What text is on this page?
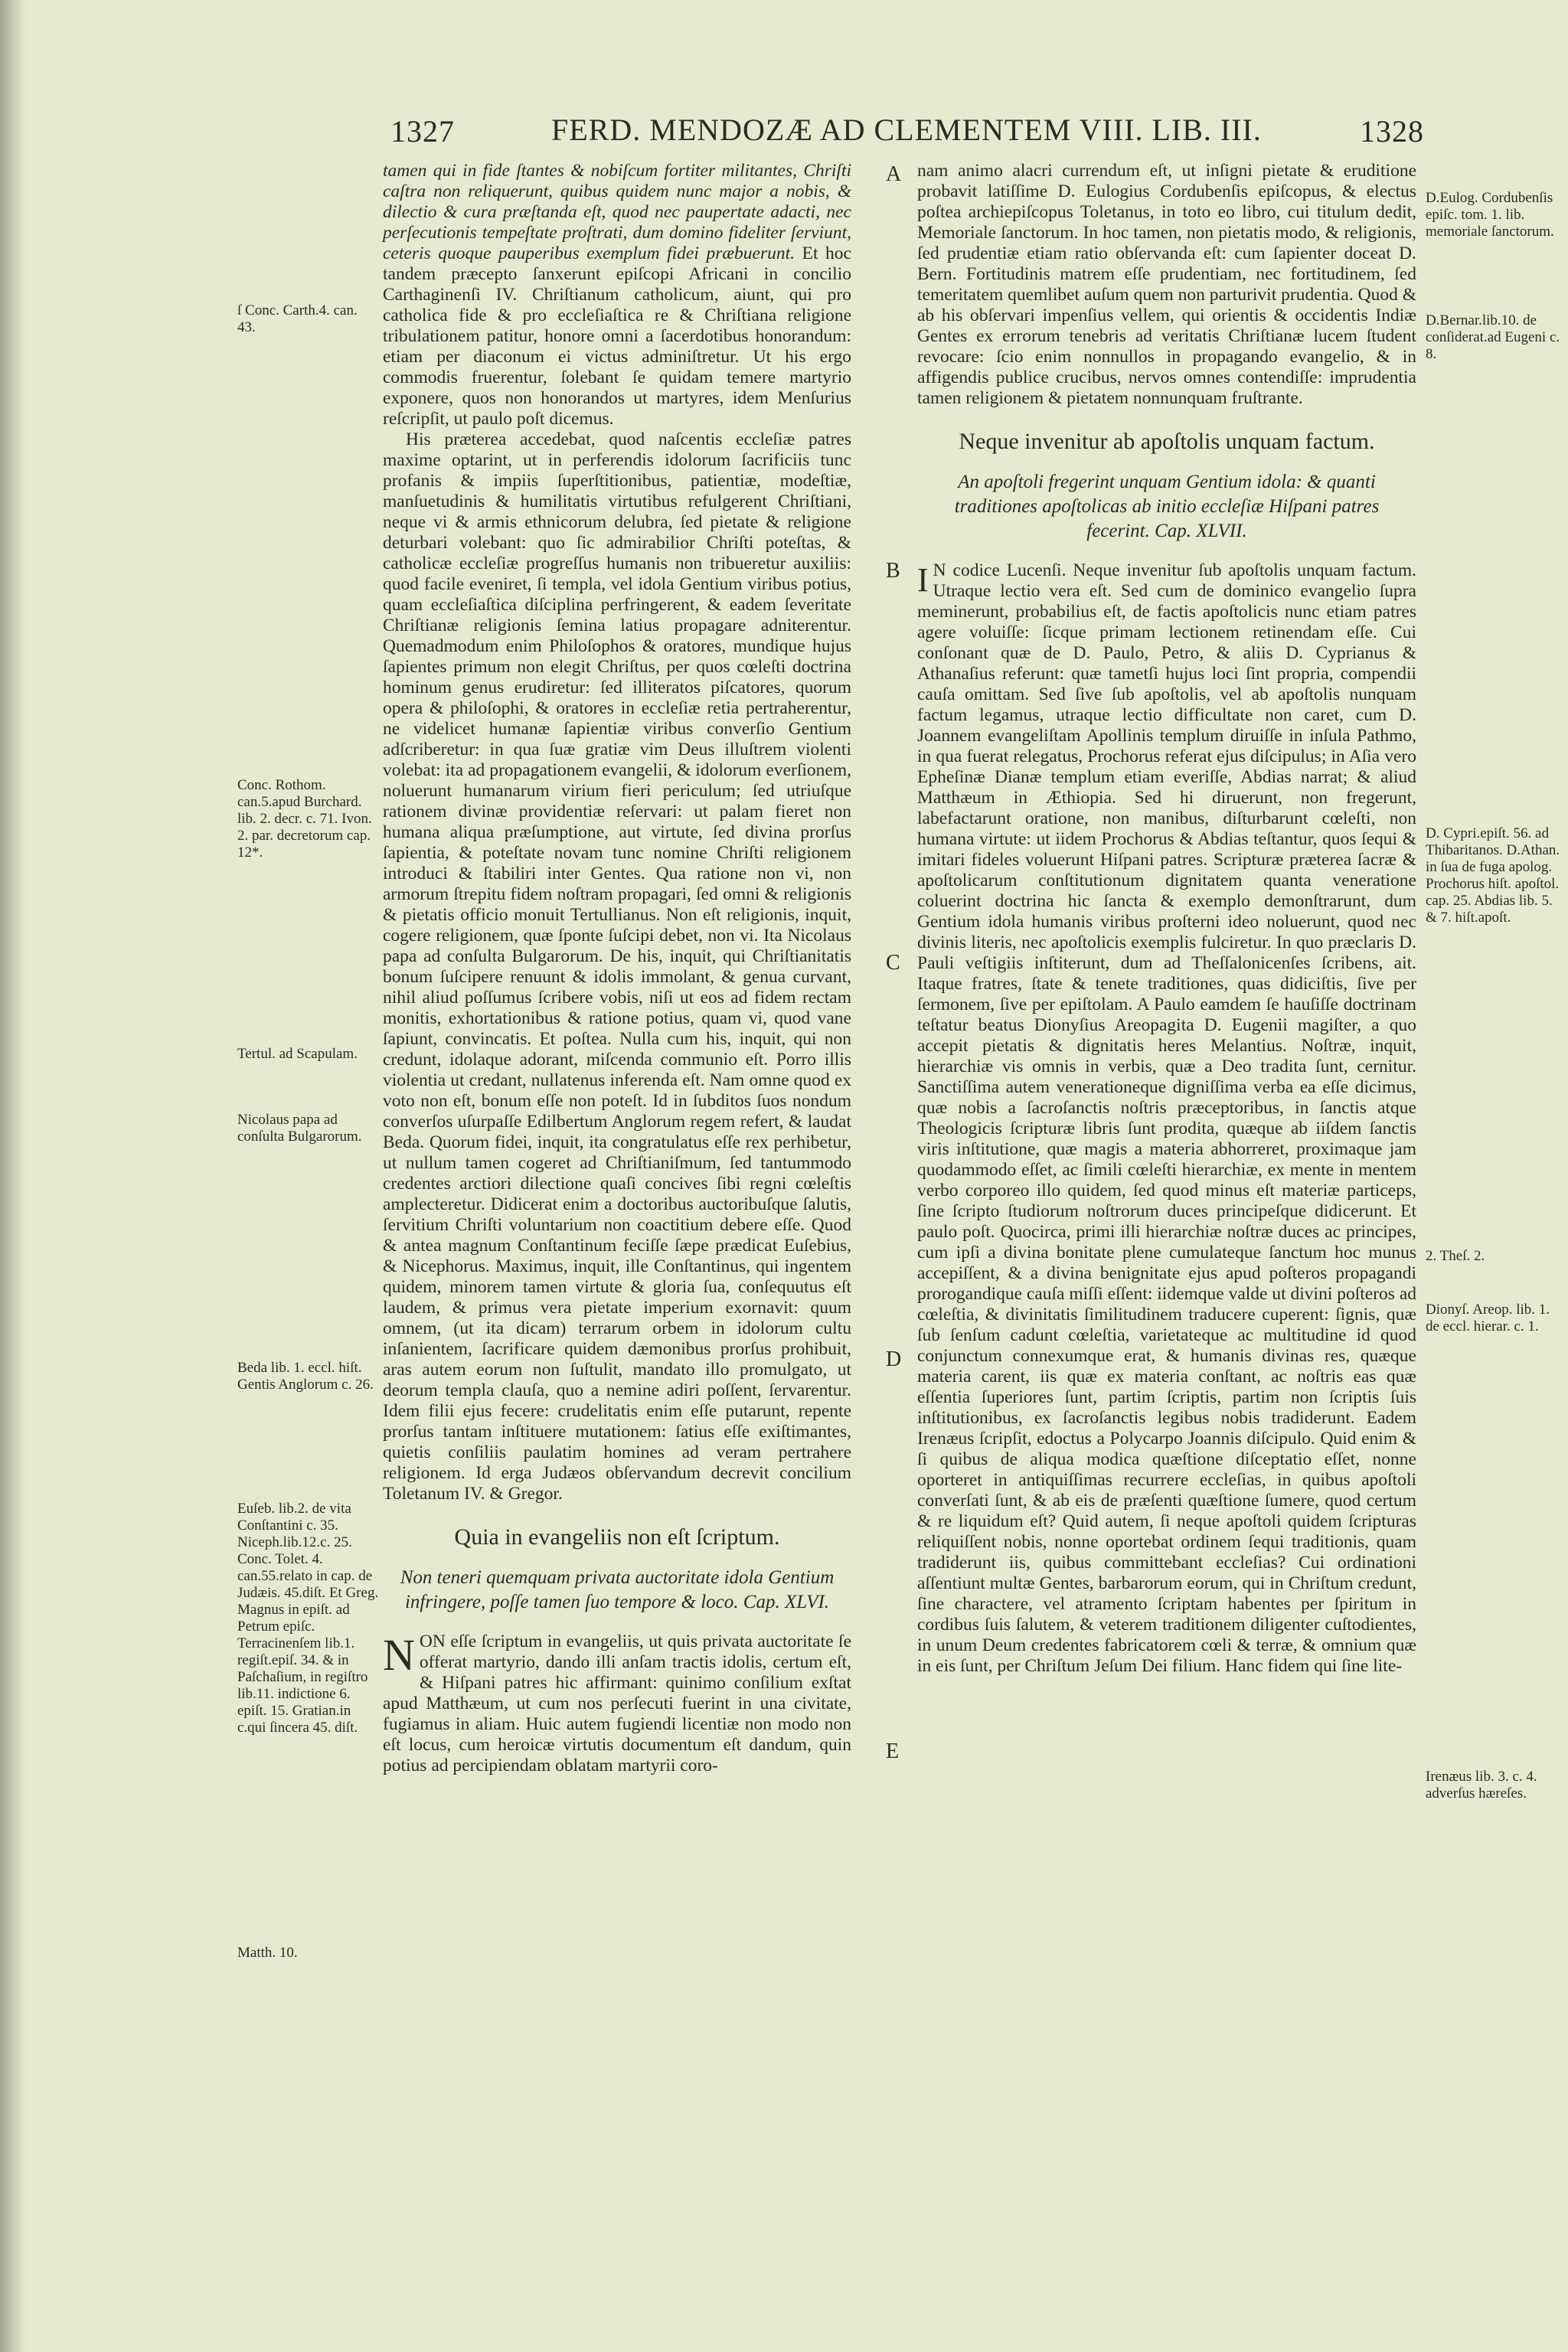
1327	FERD. MENDOZÆ AD CLEMENTEM VIII. LIB. III.	1328
ſ Conc. Carth.4. can. 43.
Conc. Rothom. can.5.apud Burchard. lib. 2. decr. c. 71. Ivon. 2. par. decretorum cap. 12*.
Tertul. ad Scapulam.
Nicolaus papa ad conſulta Bulgarorum.
Beda lib. 1. eccl. hiſt. Gentis Anglorum c. 26.
Euſeb. lib.2. de vita Conſtantini c. 35. Niceph.lib.12.c. 25. Conc. Tolet. 4. can.55.relato in cap. de Judæis. 45.diſt. Et Greg. Magnus in epiſt. ad Petrum epiſc. Terracinenſem lib.1. regiſt.epiſ. 34. & in Paſchaſium, in regiſtro lib.11. indictione 6. epiſt. 15. Gratian.in c.qui ſincera 45. diſt.
Matth. 10.
tamen qui in fide ſtantes & nobiſcum fortiter militantes, Chriſti caſtra non reliquerunt, quibus quidem nunc major a nobis, & dilectio & cura præſtanda eſt, quod nec paupertate adacti, nec perſecutionis tempeſtate proſtrati, dum domino fideliter ſerviunt, ceteris quoque pauperibus exemplum fidei præbuerunt. Et hoc tandem præcepto ſanxerunt epiſcopi Africani in concilio Carthaginenſi IV. Chriſtianum catholicum, aiunt, qui pro catholica fide & pro eccleſiaſtica re & Chriſtiana religione tribulationem patitur, honore omni a ſacerdotibus honorandum: etiam per diaconum ei victus adminiſtretur. Ut his ergo commodis fruerentur, ſolebant ſe quidam temere martyrio exponere, quos non honorandos ut martyres, idem Menſurius reſcripſit, ut paulo poſt dicemus.
His præterea accedebat, quod naſcentis eccleſiæ patres maxime optarint, ut in perferendis idolorum ſacrificiis tunc profanis & impiis ſuperſtitionibus, patientiæ, modeſtiæ, manſuetudinis & humilitatis virtutibus refulgerent Chriſtiani, neque vi & armis ethnicorum delubra, ſed pietate & religione deturbari volebant: quo ſic admirabilior Chriſti poteſtas, & catholicæ eccleſiæ progreſſus humanis non tribueretur auxiliis: quod facile eveniret, ſi templa, vel idola Gentium viribus potius, quam eccleſiaſtica diſciplina perfringerent, & eadem ſeveritate Chriſtianæ religionis ſemina latius propagare adniterentur. Quemadmodum enim Philoſophos & oratores, mundique hujus ſapientes primum non elegit Chriſtus, per quos cœleſti doctrina hominum genus erudiretur: ſed illiteratos piſcatores, quorum opera & philoſophi, & oratores in eccleſiæ retia pertraherentur, ne videlicet humanæ ſapientiæ viribus converſio Gentium adſcriberetur: in qua ſuæ gratiæ vim Deus illuſtrem violenti volebat: ita ad propagationem evangelii, & idolorum everſionem, noluerunt humanarum virium fieri periculum; ſed utriuſque rationem divinæ providentiæ reſervari: ut palam fieret non humana aliqua præſumptione, aut virtute, ſed divina prorſus ſapientia, & poteſtate novam tunc nomine Chriſti religionem introduci & ſtabiliri inter Gentes. Qua ratione non vi, non armorum ſtrepitu fidem noſtram propagari, ſed omni & religionis & pietatis officio monuit Tertullianus. Non eſt religionis, inquit, cogere religionem, quæ ſponte ſuſcipi debet, non vi. Ita Nicolaus papa ad conſulta Bulgarorum. De his, inquit, qui Chriſtianitatis bonum ſuſcipere renuunt & idolis immolant, & genua curvant, nihil aliud poſſumus ſcribere vobis, niſi ut eos ad fidem rectam monitis, exhortationibus & ratione potius, quam vi, quod vane ſapiunt, convincatis. Et poſtea. Nulla cum his, inquit, qui non credunt, idolaque adorant, miſcenda communio eſt. Porro illis violentia ut credant, nullatenus inferenda eſt. Nam omne quod ex voto non eſt, bonum eſſe non poteſt. Id in ſubditos ſuos nondum converſos uſurpaſſe Edilbertum Anglorum regem refert, & laudat Beda. Quorum fidei, inquit, ita congratulatus eſſe rex perhibetur, ut nullum tamen cogeret ad Chriſtianiſmum, ſed tantummodo credentes arctiori dilectione quaſi concives ſibi regni cœleſtis amplecteretur. Didicerat enim a doctoribus auctoribuſque ſalutis, ſervitium Chriſti voluntarium non coactitium debere eſſe. Quod & antea magnum Conſtantinum feciſſe ſæpe prædicat Euſebius, & Nicephorus. Maximus, inquit, ille Conſtantinus, qui ingentem quidem, minorem tamen virtute & gloria ſua, conſequutus eſt laudem, & primus vera pietate imperium exornavit: quum omnem, (ut ita dicam) terrarum orbem in idolorum cultu inſanientem, ſacrificare quidem dæmonibus prorſus prohibuit, aras autem eorum non ſuſtulit, mandato illo promulgato, ut deorum templa clauſa, quo a nemine adiri poſſent, ſervarentur. Idem filii ejus fecere: crudelitatis enim eſſe putarunt, repente prorſus tantam inſtituere mutationem: ſatius eſſe exiſtimantes, quietis conſiliis paulatim homines ad veram pertrahere religionem. Id erga Judæos obſervandum decrevit concilium Toletanum IV. & Gregor.
Quia in evangeliis non eſt ſcriptum.
Non teneri quemquam privata auctoritate idola Gentium infringere, poſſe tamen ſuo tempore & loco. Cap. XLVI.
NON eſſe ſcriptum in evangeliis, ut quis privata auctoritate ſe offerat martyrio, dando illi anſam tractis idolis, certum eſt, & Hiſpani patres hic affirmant: quinimo conſilium exſtat apud Matthæum, ut cum nos perſecuti fuerint in una civitate, fugiamus in aliam. Huic autem fugiendi licentiæ non modo non eſt locus, cum heroicæ virtutis documentum eſt dandum, quin potius ad percipiendam oblatam martyrii coro-
A
B
C
D
E
nam animo alacri currendum eſt, ut inſigni pietate & eruditione probavit latiſſime D. Eulogius Cordubenſis epiſcopus, & electus poſtea archiepiſcopus Toletanus, in toto eo libro, cui titulum dedit, Memoriale ſanctorum. In hoc tamen, non pietatis modo, & religionis, ſed prudentiæ etiam ratio obſervanda eſt: cum ſapienter doceat D. Bern. Fortitudinis matrem eſſe prudentiam, nec fortitudinem, ſed temeritatem quemlibet auſum quem non parturivit prudentia. Quod & ab his obſervari impenſius vellem, qui orientis & occidentis Indiæ Gentes ex errorum tenebris ad veritatis Chriſtianæ lucem ſtudent revocare: ſcio enim nonnullos in propagando evangelio, & in affigendis publice crucibus, nervos omnes contendiſſe: imprudentia tamen religionem & pietatem nonnunquam fruſtrante.
Neque invenitur ab apoſtolis unquam factum.
An apoſtoli fregerint unquam Gentium idola: & quanti traditiones apoſtolicas ab initio eccleſiæ Hiſpani patres fecerint. Cap. XLVII.
I N codice Lucenſi. Neque invenitur ſub apoſtolis unquam factum. Utraque lectio vera eſt. Sed cum de dominico evangelio ſupra meminerunt, probabilius eſt, de factis apoſtolicis nunc etiam patres agere voluiſſe: ſicque primam lectionem retinendam eſſe. Cui conſonant quæ de D. Paulo, Petro, & aliis D. Cyprianus & Athanaſius referunt: quæ tametſi hujus loci ſint propria, compendii cauſa omittam. Sed ſive ſub apoſtolis, vel ab apoſtolis nunquam factum legamus, utraque lectio difficultate non caret, cum D. Joannem evangeliſtam Apollinis templum diruiſſe in inſula Pathmo, in qua fuerat relegatus, Prochorus referat ejus diſcipulus; in Aſia vero Epheſinæ Dianæ templum etiam everiſſe, Abdias narrat; & aliud Matthæum in Æthiopia. Sed hi diruerunt, non fregerunt, labefactarunt oratione, non manibus, diſturbarunt cœleſti, non humana virtute: ut iidem Prochorus & Abdias teſtantur, quos ſequi & imitari fideles voluerunt Hiſpani patres. Scripturæ præterea ſacræ & apoſtolicarum conſtitutionum dignitatem quanta veneratione coluerint doctrina hic ſancta & exemplo demonſtrarunt, dum Gentium idola humanis viribus proſterni ideo noluerunt, quod nec divinis literis, nec apoſtolicis exemplis fulciretur. In quo præclaris D. Pauli veſtigiis inſtiterunt, dum ad Theſſalonicenſes ſcribens, ait. Itaque fratres, ſtate & tenete traditiones, quas didiciſtis, ſive per ſermonem, ſive per epiſtolam. A Paulo eamdem ſe hauſiſſe doctrinam teſtatur beatus Dionyſius Areopagita D. Eugenii magiſter, a quo accepit pietatis & dignitatis heres Melantius. Noſtræ, inquit, hierarchiæ vis omnis in verbis, quæ a Deo tradita ſunt, cernitur. Sanctiſſima autem venerationeque digniſſima verba ea eſſe dicimus, quæ nobis a ſacroſanctis noſtris præceptoribus, in ſanctis atque Theologicis ſcripturæ libris ſunt prodita, quæque ab iiſdem ſanctis viris inſtitutione, quæ magis a materia abhorreret, proximaque jam quodammodo eſſet, ac ſimili cœleſti hierarchiæ, ex mente in mentem verbo corporeo illo quidem, ſed quod minus eſt materiæ particeps, ſine ſcripto ſtudiorum noſtrorum duces principeſque didicerunt. Et paulo poſt. Quocirca, primi illi hierarchiæ noſtræ duces ac principes, cum ipſi a divina bonitate plene cumulateque ſanctum hoc munus accepiſſent, & a divina benignitate ejus apud poſteros propagandi prorogandique cauſa miſſi eſſent: iidemque valde ut divini poſteros ad cœleſtia, & divinitatis ſimilitudinem traducere cuperent: ſignis, quæ ſub ſenſum cadunt cœleſtia, varietateque ac multitudine id quod conjunctum connexumque erat, & humanis divinas res, quæque materia carent, iis quæ ex materia conſtant, ac noſtris eas quæ eſſentia ſuperiores ſunt, partim ſcriptis, partim non ſcriptis ſuis inſtitutionibus, ex ſacroſanctis legibus nobis tradiderunt. Eadem Irenæus ſcripſit, edoctus a Polycarpo Joannis diſcipulo. Quid enim & ſi quibus de aliqua modica quæſtione diſceptatio eſſet, nonne oporteret in antiquiſſimas recurrere eccleſias, in quibus apoſtoli converſati ſunt, & ab eis de præſenti quæſtione ſumere, quod certum & re liquidum eſt? Quid autem, ſi neque apoſtoli quidem ſcripturas reliquiſſent nobis, nonne oportebat ordinem ſequi traditionis, quam tradiderunt iis, quibus committebant eccleſias? Cui ordinationi aſſentiunt multæ Gentes, barbarorum eorum, qui in Chriſtum credunt, ſine charactere, vel atramento ſcriptam habentes per ſpiritum in cordibus ſuis ſalutem, & veterem traditionem diligenter cuſtodientes, in unum Deum credentes fabricatorem cœli & terræ, & omnium quæ in eis ſunt, per Chriſtum Jeſum Dei filium. Hanc fidem qui ſine lite-
D.Eulog. Cordubenſis epiſc. tom. 1. lib. memoriale ſanctorum.
D.Bernar.lib.10. de conſiderat.ad Eugeni c. 8.
D. Cypri.epiſt. 56. ad Thibaritanos. D.Athan. in ſua de fuga apolog. Prochorus hiſt. apoſtol. cap. 25. Abdias lib. 5. & 7. hiſt.apoſt.
2. Theſ. 2.
Dionyſ. Areop. lib. 1. de eccl. hierar. c. 1.
Irenæus lib. 3. c. 4. adverſus hæreſes.
